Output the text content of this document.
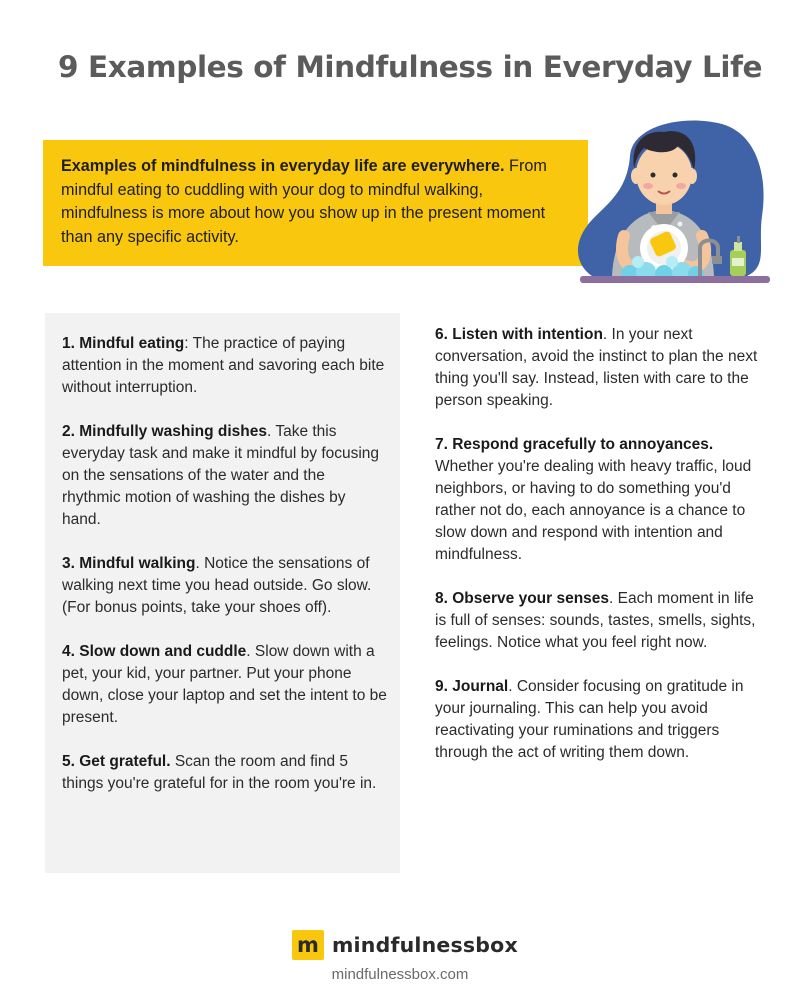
9 Examples of Mindfulness in Everyday Life
Examples of mindfulness in everyday life are everywhere. From mindful eating to cuddling with your dog to mindful walking, mindfulness is more about how you show up in the present moment than any specific activity.

1. Mindful eating: The practice of paying attention in the moment and savoring each bite without interruption.

2. Mindfully washing dishes. Take this everyday task and make it mindful by focusing on the sensations of the water and the rhythmic motion of washing the dishes by hand.

3. Mindful walking. Notice the sensations of walking next time you head outside. Go slow. (For bonus points, take your shoes off).

4. Slow down and cuddle. Slow down with a pet, your kid, your partner. Put your phone down, close your laptop and set the intent to be present.

5. Get grateful. Scan the room and find 5 things you're grateful for in the room you're in.

6. Listen with intention. In your next conversation, avoid the instinct to plan the next thing you'll say. Instead, listen with care to the person speaking.

7. Respond gracefully to annoyances. Whether you're dealing with heavy traffic, loud neighbors, or having to do something you'd rather not do, each annoyance is a chance to slow down and respond with intention and mindfulness.

8. Observe your senses. Each moment in life is full of senses: sounds, tastes, smells, sights, feelings. Notice what you feel right now.

9. Journal. Consider focusing on gratitude in your journaling. This can help you avoid reactivating your ruminations and triggers through the act of writing them down.

m mindfulnessbox
mindfulnessbox.com
